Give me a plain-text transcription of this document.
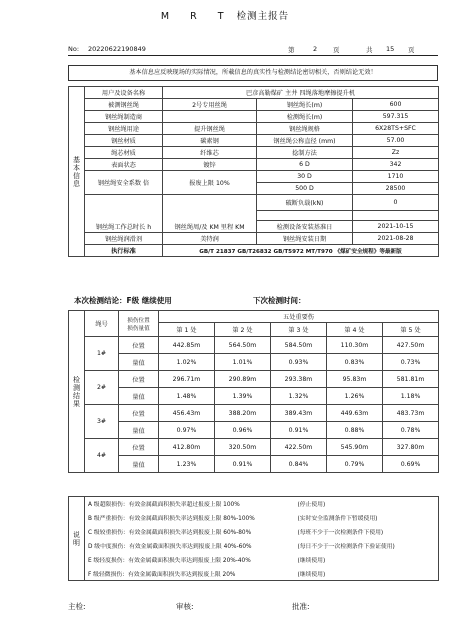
M R T 检测主报告
No: 20220622190849	第	2 页	共 15 页
基本信息应反映现场的实际情况，所載信息的真实性与检测结论密切相关，否则结论无效！
基本信息	用户及设备名称	巴彦高勒煤矿 主井 四绳落地摩擦提升机		
	被测钢丝绳	2号专用丝绳	钢丝绳长(m)	600
	钢丝绳制造商		检测绳长(m)	597.315
	钢丝绳用途	提升钢丝绳	钢丝绳规格	6X28TS+SFC
	钢丝材质	碳素钢	钢丝绳公称直径 (mm)	57.00
	绳芯材质	纤维芯	捻制方法	Zz
	表面状态	镀锌	6 D	342
	钢丝绳安全系数 倍	报废上限 10%	30 D	1710
			500 D	28500
			破断负载(kN)	0

	钢丝绳工作总时长 h	钢丝绳周/及 KM 里程 KM	检测设备安装基准日	2021-10-15
	钢丝绳润滑剂	美特润	钢丝绳安装日期	2021-08-28
	执行标准	GB/T 21837 GB/T26832 GB/T5972 MT/T970 《煤矿安全规程》等最新版		
本次检测结论：F级 继续使用	下次检测时间：
检测结果	绳号	损伤位置
损伤量值	五处重要伤				
			第 1 处	第 2 处	第 3 处	第 4 处	第 5 处
	1#	位置	442.85m	564.50m	584.50m	110.30m	427.50m
		量值	1.02%	1.01%	0.93%	0.83%	0.73%
	2#	位置	296.71m	290.89m	293.38m	95.83m	581.81m
		量值	1.48%	1.39%	1.32%	1.26%	1.18%
	3#	位置	456.43m	388.20m	389.43m	449.63m	483.73m
		量值	0.97%	0.96%	0.91%	0.88%	0.78%
	4#	位置	412.80m	320.50m	422.50m	545.90m	327.80m
		量值	1.23%	0.91%	0.84%	0.79%	0.69%
说明	A 级超限损伤：有效金属截面积损失率超过报废上限 100%	(停止使用)
	B 级严重损伤：有效金属截面积损失率达到报废上限 80%-100%	(实时安全监测条件下暂缓使用)
	C 级较重损伤：有效金属截面积损失率达到报废上限 60%-80%	(每班不少于一次检测条件下使用)
	D 级中度损伤：有效金属截面积损失率达到报废上限 40%-60%	(每日不少于一次检测条件下验证使用)
	E 级轻度损伤：有效金属截面积损失率达到报废上限 20%-40%	(继续使用)
	F 级轻微损伤：有效金属截面积损失率达到报废上限 20%	(继续使用)
主检:	审核:	批准:
